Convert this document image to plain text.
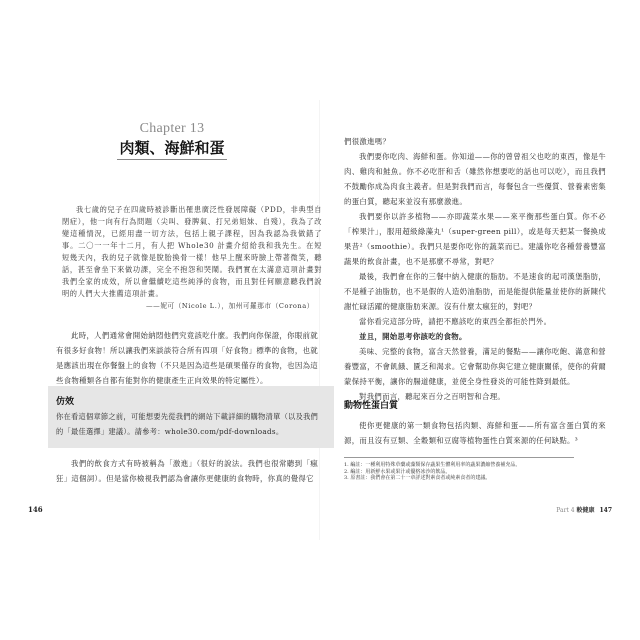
Chapter 13
肉類、海鮮和蛋

我七歲的兒子在四歲時被診斷出罹患廣泛性發展障礙（PDD，非典型自閉症），他一向有行為問題（尖叫、發脾氣、打兄弟姐妹、自殘），我為了改變這種情況，已經用盡一切方法，包括上親子課程，因為我認為我做錯了事。二〇一一年十二月，有人把 Whole30 計畫介紹給我和我先生。在短短幾天內，我的兒子就像是脫胎換骨一樣！他早上醒來時臉上帶著微笑，聽話，甚至會坐下來做功課，完全不抱怨和哭鬧。我們實在太滿意這項計畫對我們全家的成效，所以會繼續吃這些純淨的食物，而且對任何願意聽我們說明的人們大大推薦這項計畫。

——妮可（Nicole L.），加州可羅那市（Corona）

此時，人們通常會開始納悶他們究竟該吃什麼。我們向你保證，你眼前就有很多好食物！所以讓我們來談談符合所有四項「好食物」標準的食物，也就是應該出現在你餐盤上的食物（不只是因為這些是碩果僅存的食物，也因為這些食物種類各自都有能對你的健康產生正向效果的特定屬性）。

仿效
你在看這個章節之前，可能想要先從我們的網站下載詳細的購物清單（以及我們的「最佳選擇」建議）。請參考：whole30.com/pdf-downloads。

我們的飲食方式有時被稱為「激進」（很好的說法。我們也很常聽到「瘋狂」這個詞）。但是當你檢視我們認為會讓你更健康的食物時，你真的覺得它

146

們很激進嗎？

我們要你吃肉、海鮮和蛋。你知道——你的曾曾祖父也吃的東西，像是牛肉、雞肉和鮭魚。你不必吃肝和舌（雖然你想要吃的話也可以吃），而且我們不鼓勵你成為肉食主義者。但是對我們而言，每餐包含一些優質、營養素密集的蛋白質，聽起來並沒有那麼激進。

我們要你以許多植物——亦即蔬菜水果——來平衡那些蛋白質。你不必「榨果汁」，服用超級綠藻丸¹（super-green pill），或是每天把某一餐換成果昔²（smoothie）。我們只是要你吃你的蔬菜而已。建議你吃各種營養豐富蔬果的飲食計畫，也不是那麼不尋常，對吧？

最後，我們會在你的三餐中納入健康的脂肪。不是速食的起司漢堡脂肪，不是種子油脂肪，也不是假的人造奶油脂肪，而是能提供能量並使你的新陳代謝忙碌活躍的健康脂肪來源。沒有什麼太瘋狂的，對吧？

當你看完這部分時，請把不應該吃的東西全都拒於門外。

並且，開始思考你該吃的食物。

美味、完整的食物，富含天然營養，滿足的餐點——讓你吃飽、滿意和營養豐富，不會飢餓、匱乏和渴求。它會幫助你與它建立健康關係，使你的荷爾蒙保持平衡，讓你的腸道健康，並使全身性發炎的可能性降到最低。

對我們而言，聽起來百分之百明智和合理。

動物性蛋白質

使你更健康的第一類食物包括肉類、海鮮和蛋——所有富含蛋白質的來源，而且沒有豆類、全穀類和豆腐等植物蛋性白質來源的任何缺點。³

1. 編註：一種利用特殊草藥或藻類保存蔬果生體利用率的蔬果濃縮營養補充品。
2. 編註：用新鮮水果或果汁或優格冰沙的飲品。
3. 原書註：我們會在第二十一章詳述對素食者或純素食者的建議。
Part 4 較健康 147
